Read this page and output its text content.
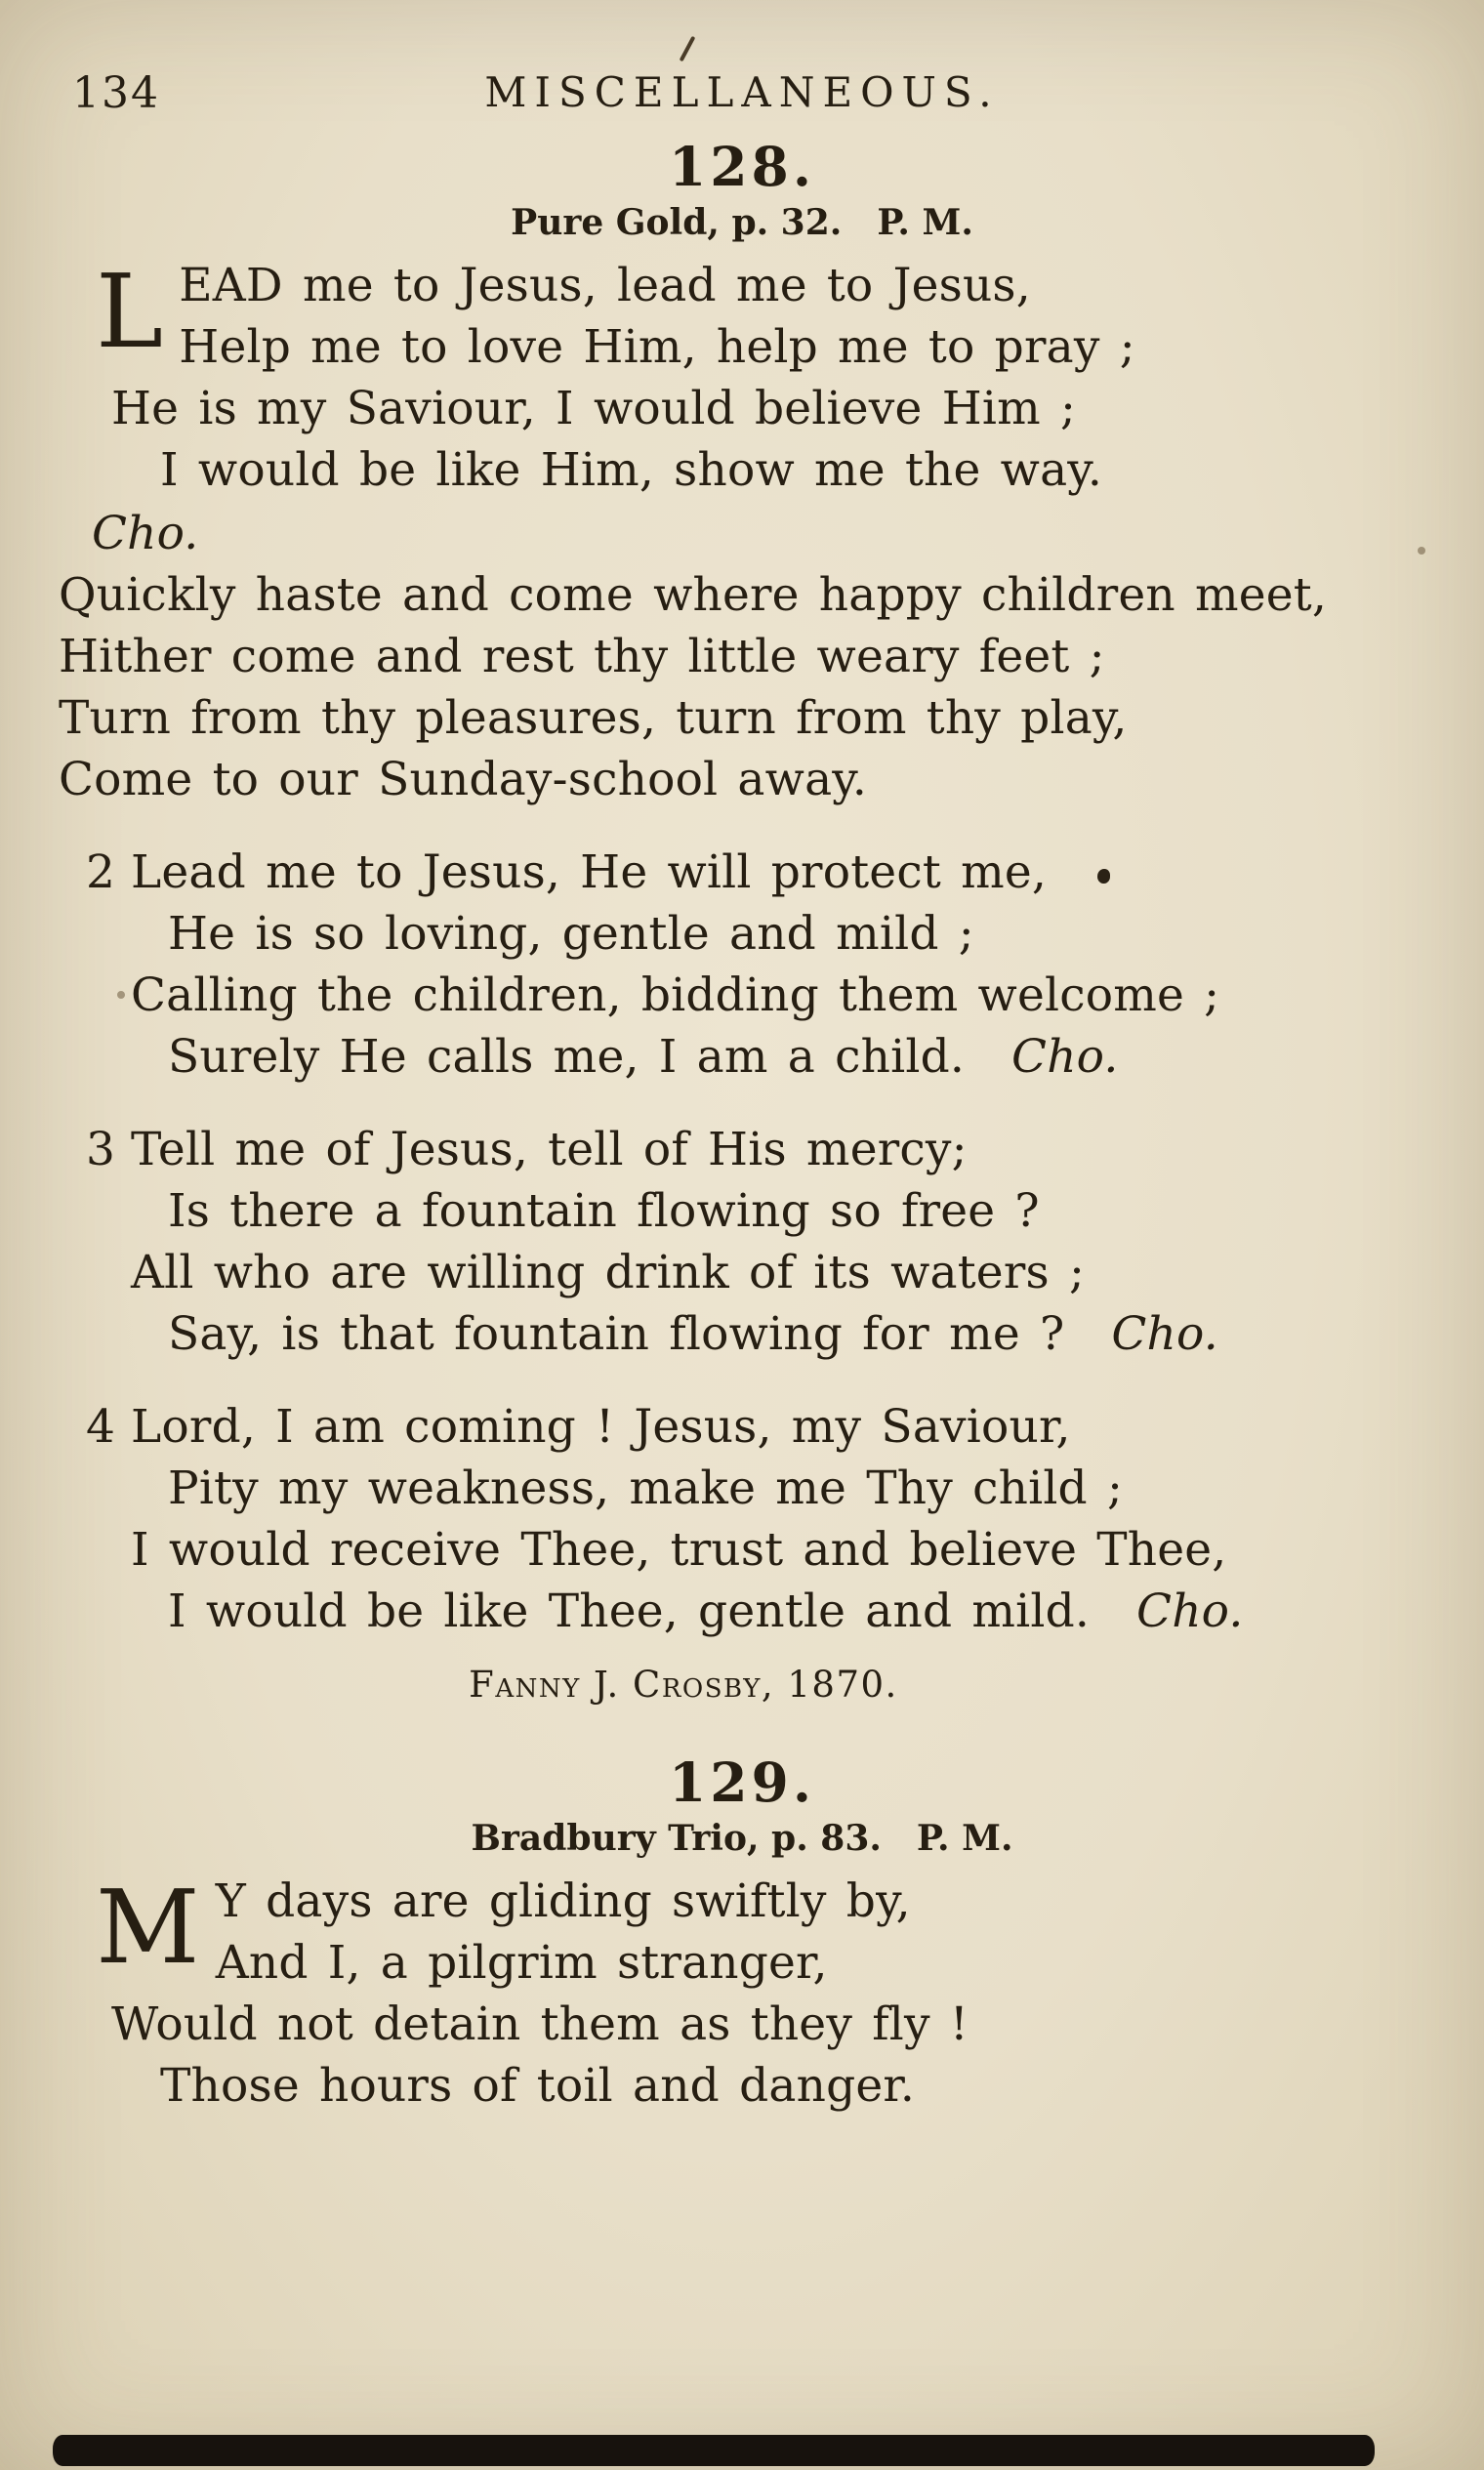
134	MISCELLANEOUS.
128.
Pure Gold, p. 32. P. M.
L EAD me to Jesus, lead me to Jesus,
Help me to love Him, help me to pray ;
He is my Saviour, I would believe Him ;
I would be like Him, show me the way.
Cho.
Quickly haste and come where happy children meet,
Hither come and rest thy little weary feet ;
Turn from thy pleasures, turn from thy play,
Come to our Sunday-school away.
2 Lead me to Jesus, He will protect me,
He is so loving, gentle and mild ;
Calling the children, bidding them welcome ;
Surely He calls me, I am a child. Cho.
3 Tell me of Jesus, tell of His mercy;
Is there a fountain flowing so free ?
All who are willing drink of its waters ;
Say, is that fountain flowing for me ? Cho.
4 Lord, I am coming ! Jesus, my Saviour,
Pity my weakness, make me Thy child ;
I would receive Thee, trust and believe Thee,
I would be like Thee, gentle and mild. Cho.
Fanny J. Crosby, 1870.
129.
Bradbury Trio, p. 83. P. M.
M Y days are gliding swiftly by,
And I, a pilgrim stranger,
Would not detain them as they fly !
Those hours of toil and danger.
